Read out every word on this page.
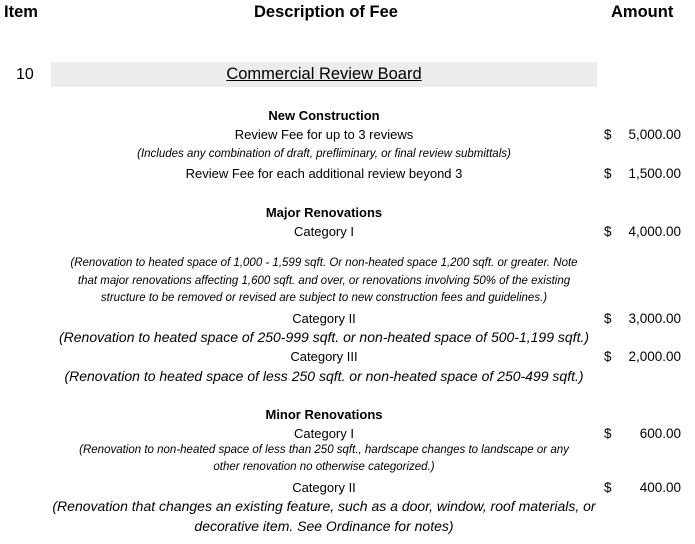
Item	Description of Fee	Amount
10	Commercial Review Board
New Construction
Review Fee for up to 3 reviews	$ 5,000.00
(Includes any combination of draft, prefliminary, or final review submittals)
Review Fee for each additional review beyond 3	$ 1,500.00
Major Renovations
Category I	$ 4,000.00
(Renovation to heated space of 1,000 - 1,599 sqft. Or non-heated space 1,200 sqft. or greater. Note
that major renovations affecting 1,600 sqft. and over, or renovations involving 50% of the existing
structure to be removed or revised are subject to new construction fees and guidelines.)
Category II	$ 3,000.00
(Renovation to heated space of 250-999 sqft. or non-heated space of 500-1,199 sqft.)
Category III	$ 2,000.00
(Renovation to heated space of less 250 sqft. or non-heated space of 250-499 sqft.)
Minor Renovations
Category I	$ 600.00
(Renovation to non-heated space of less than 250 sqft., hardscape changes to landscape or any
other renovation no otherwise categorized.)
Category II	$ 400.00
(Renovation that changes an existing feature, such as a door, window, roof materials, or
decorative item. See Ordinance for notes)
